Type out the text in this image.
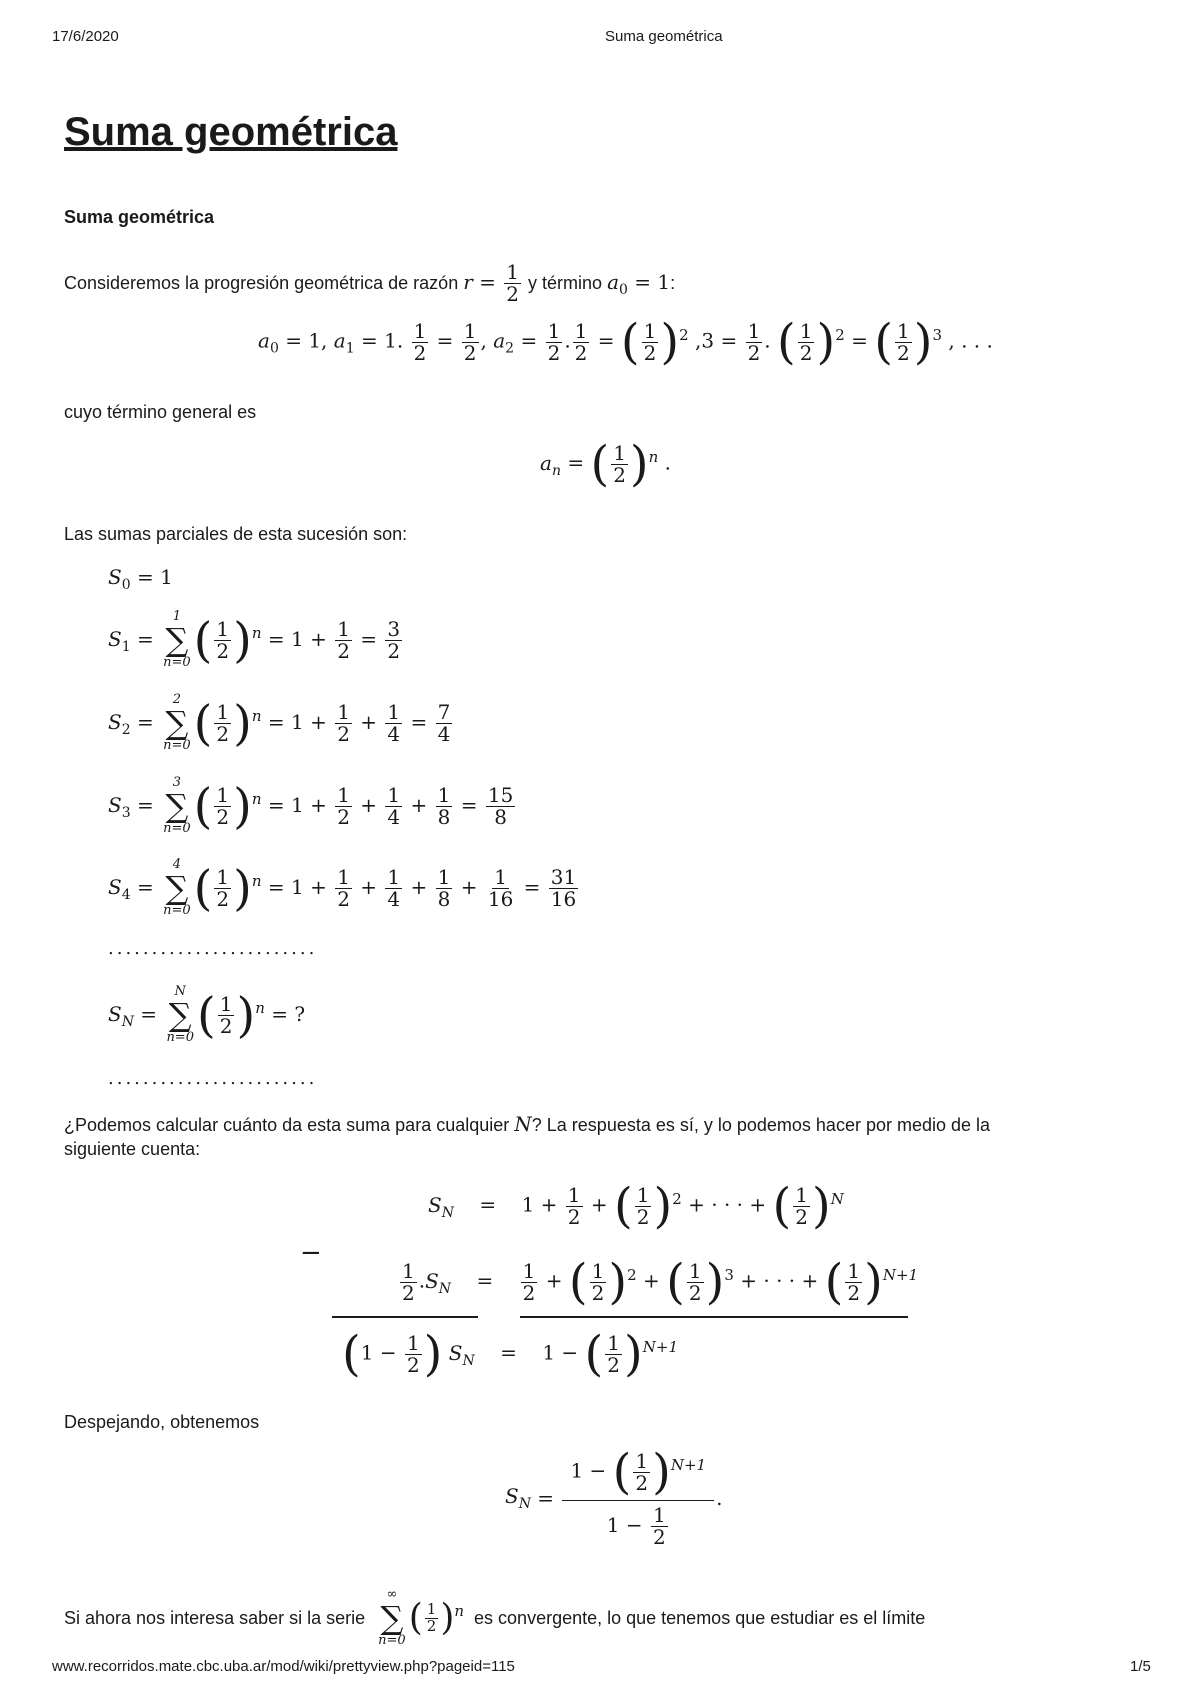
17/6/2020	Suma geométrica
Suma geométrica
Suma geométrica
Consideremos la progresión geométrica de razón $r = \frac{1}{2}$ y término $a_0 = 1$:
$a_0 = 1$, $a_1 = 1$. $\frac{1}{2} = \frac{1}{2}$ , $a_2 = \frac{1}{2}$ . $\frac{1}{2}$ = ( $\frac{1}{2} )^2$ $,3 = \frac{1}{2}$ . ( $\frac{1}{2} )^2$ = ( $\frac{1}{2} )^3$ , . . .
cuyo término general es
$a_n$ = ( $\frac{1}{2} )^n$ .
Las sumas parciales de esta sucesión son:
$S_0 = 1$
$S_1$ =
1
∑
n=0 ( $\frac{1}{2} )^n = 1 + \frac{1}{2} = \frac{3}{2}$
$S_2$ =
2
∑
n=0 ( $\frac{1}{2} )^n = 1 + \frac{1}{2} + \frac{1}{4} = \frac{7}{4}$
$S_3$ =
3
∑
n=0 ( $\frac{1}{2} )^n = 1 + \frac{1}{2} + \frac{1}{4} + \frac{1}{8} = \frac{15}{8}$
$S_4$ =
4
∑
n=0 ( $\frac{1}{2} )^n = 1 + \frac{1}{2} + \frac{1}{4} + \frac{1}{8} + \frac{1}{16} = \frac{31}{16}$
........................
$S_N$ =
N
∑
n=0 ( $\frac{1}{2} )^n$ = ?
........................
¿Podemos calcular cuánto da esta suma para cualquier N? La respuesta es sí, y lo podemos hacer por medio de la
siguiente cuenta:
−
$S_N$    =    $1 + \frac{1}{2}$ + ( $\frac{1}{2} )^2$ + · · · + ( $\frac{1}{2} )^N$
$\frac{1}{2} .S_N$    = $\frac{1}{2}$ + ( $\frac{1}{2} )^2$ + ( $\frac{1}{2} )^3$ + · · · + ( $\frac{1}{2} )^{N+1}$
($1 - \frac{1}{2}$ ) $S_N$    =    1 − ( $\frac{1}{2} )^{N+1}$
Despejando, obtenemos
$S_N = \frac{1 - ( \frac{1}{2} )^{N+1}}{1 - \frac{1}{2}}$ .
Si ahora nos interesa saber si la serie
∞
∑
n=0
( $\frac{1}{2} )^n$ es convergente, lo que tenemos que estudiar es el límite
www.recorridos.mate.cbc.uba.ar/mod/wiki/prettyview.php?pageid=115	1/5
